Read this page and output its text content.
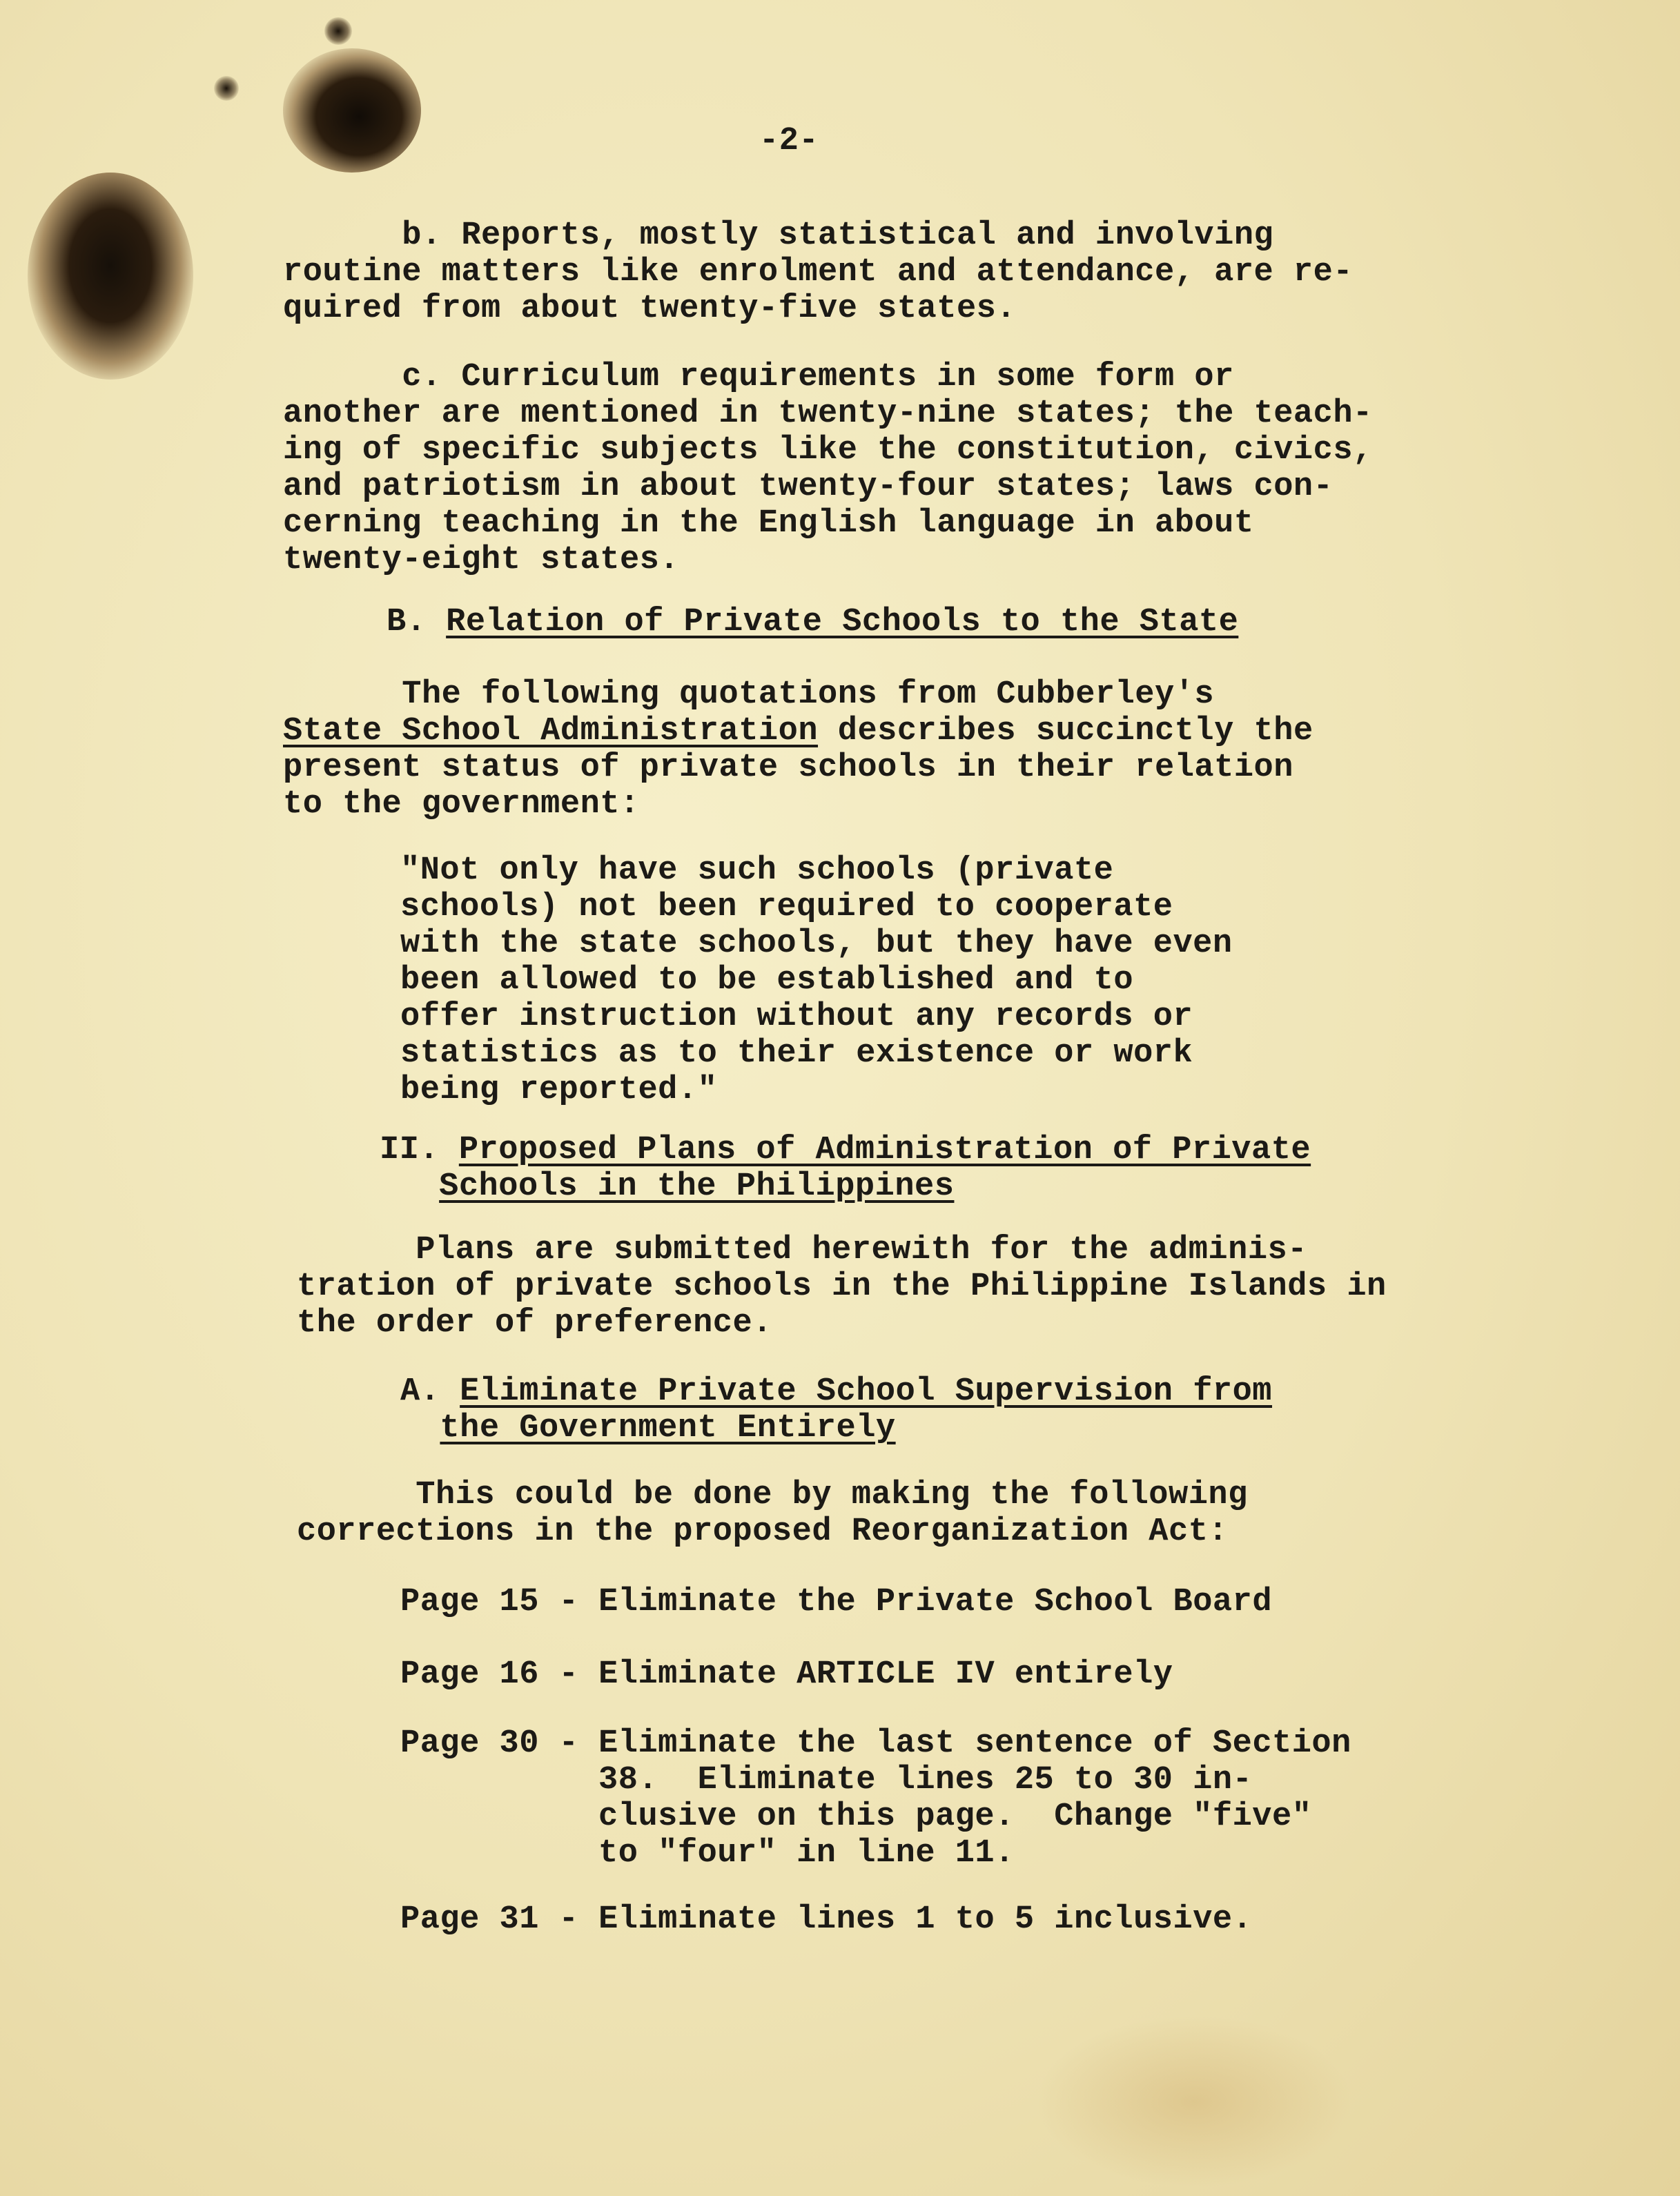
-2-
b. Reports, mostly statistical and involving
routine matters like enrolment and attendance, are re-
quired from about twenty-five states.
c. Curriculum requirements in some form or
another are mentioned in twenty-nine states; the teach-
ing of specific subjects like the constitution, civics,
and patriotism in about twenty-four states; laws con-
cerning teaching in the English language in about
twenty-eight states.
B. Relation of Private Schools to the State
The following quotations from Cubberley's
State School Administration describes succinctly the
present status of private schools in their relation
to the government:
"Not only have such schools (private
schools) not been required to cooperate
with the state schools, but they have even
been allowed to be established and to
offer instruction without any records or
statistics as to their existence or work
being reported."
II. Proposed Plans of Administration of Private
Schools in the Philippines
Plans are submitted herewith for the adminis-
tration of private schools in the Philippine Islands in
the order of preference.
A. Eliminate Private School Supervision from
the Government Entirely
This could be done by making the following
corrections in the proposed Reorganization Act:
Page 15 - Eliminate the Private School Board
Page 16 - Eliminate ARTICLE IV entirely
Page 30 - Eliminate the last sentence of Section
38.  Eliminate lines 25 to 30 in-
clusive on this page.  Change "five"
to "four" in line 11.
Page 31 - Eliminate lines 1 to 5 inclusive.
